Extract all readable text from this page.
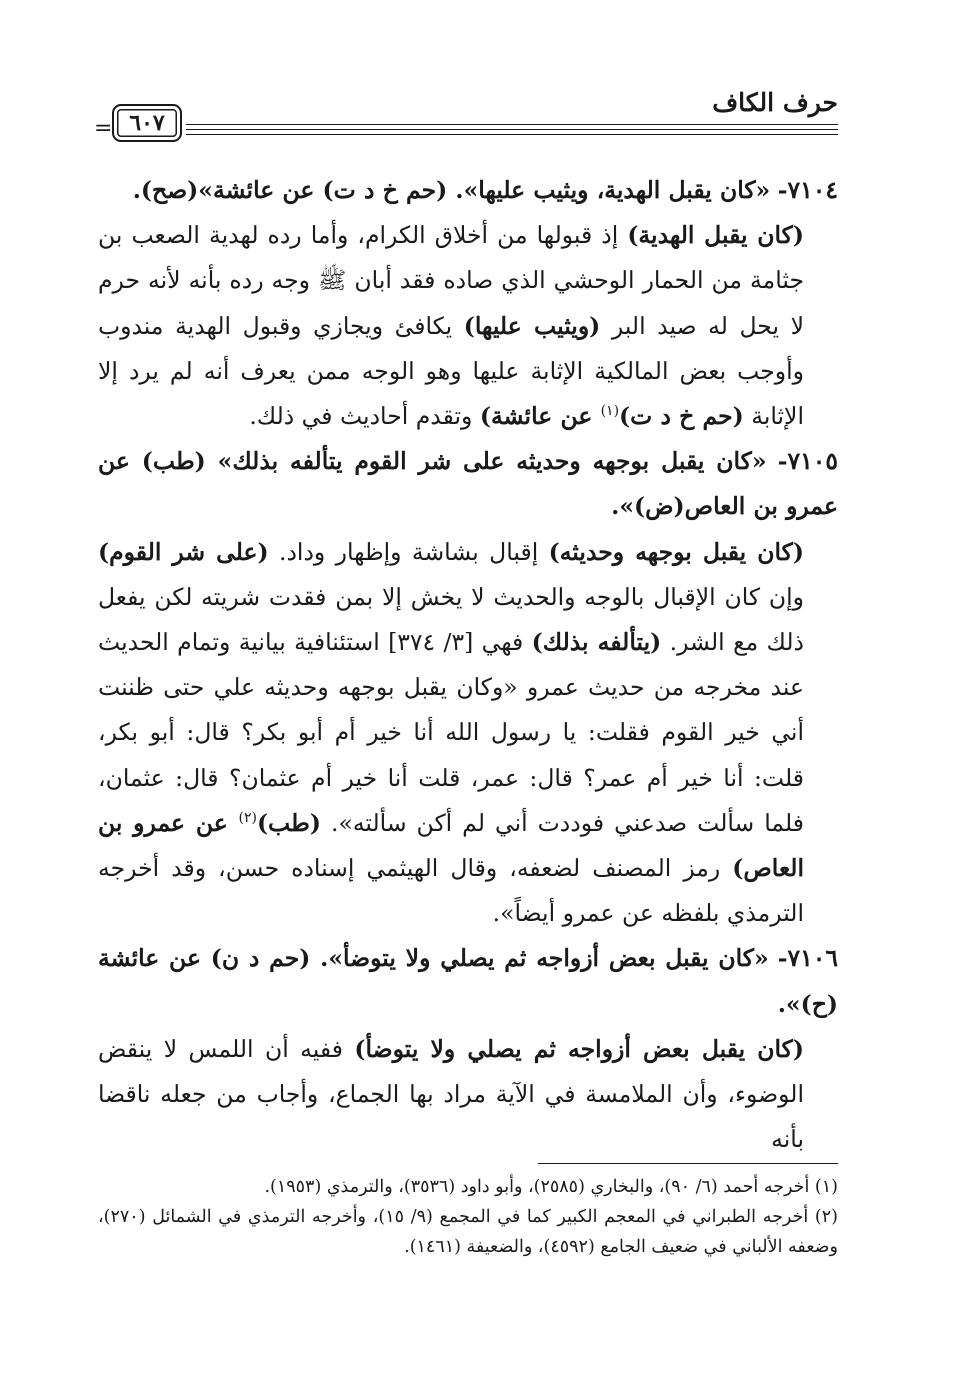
حرف الكاف
٦٠٧
=

٧١٠٤- «كان يقبل الهدية، ويثيب عليها». (حم خ د ت) عن عائشة»(صح).

(كان يقبل الهدية) إذ قبولها من أخلاق الكرام، وأما رده لهدية الصعب بن جثامة من الحمار الوحشي الذي صاده فقد أبان ﷺ وجه رده بأنه لأنه حرم لا يحل له صيد البر (ويثيب عليها) يكافئ ويجازي وقبول الهدية مندوب وأوجب بعض المالكية الإثابة عليها وهو الوجه ممن يعرف أنه لم يرد إلا الإثابة (حم خ د ت)$^{(١)}$ عن عائشة) وتقدم أحاديث في ذلك.

٧١٠٥- «كان يقبل بوجهه وحديثه على شر القوم يتألفه بذلك» (طب) عن عمرو بن العاص(ض)».

(كان يقبل بوجهه وحديثه) إقبال بشاشة وإظهار وداد. (على شر القوم) وإن كان الإقبال بالوجه والحديث لا يخش إلا بمن فقدت شريته لكن يفعل ذلك مع الشر. (يتألفه بذلك) فهي [٣/ ٣٧٤] استئنافية بيانية وتمام الحديث عند مخرجه من حديث عمرو «وكان يقبل بوجهه وحديثه علي حتى ظننت أني خير القوم فقلت: يا رسول الله أنا خير أم أبو بكر؟ قال: أبو بكر، قلت: أنا خير أم عمر؟ قال: عمر، قلت أنا خير أم عثمان؟ قال: عثمان، فلما سألت صدعني فوددت أني لم أكن سألته». (طب)$^{(٢)}$ عن عمرو بن العاص) رمز المصنف لضعفه، وقال الهيثمي إسناده حسن، وقد أخرجه الترمذي بلفظه عن عمرو أيضاً».

٧١٠٦- «كان يقبل بعض أزواجه ثم يصلي ولا يتوضأ». (حم د ن) عن عائشة (ح)».

(كان يقبل بعض أزواجه ثم يصلي ولا يتوضأ) ففيه أن اللمس لا ينقض الوضوء، وأن الملامسة في الآية مراد بها الجماع، وأجاب من جعله ناقضا بأنه

(١) أخرجه أحمد (٦/ ٩٠)، والبخاري (٢٥٨٥)، وأبو داود (٣٥٣٦)، والترمذي (١٩٥٣).

(٢) أخرجه الطبراني في المعجم الكبير كما في المجمع (٩/ ١٥)، وأخرجه الترمذي في الشمائل (٢٧٠)، وضعفه الألباني في ضعيف الجامع (٤٥٩٢)، والضعيفة (١٤٦١).
